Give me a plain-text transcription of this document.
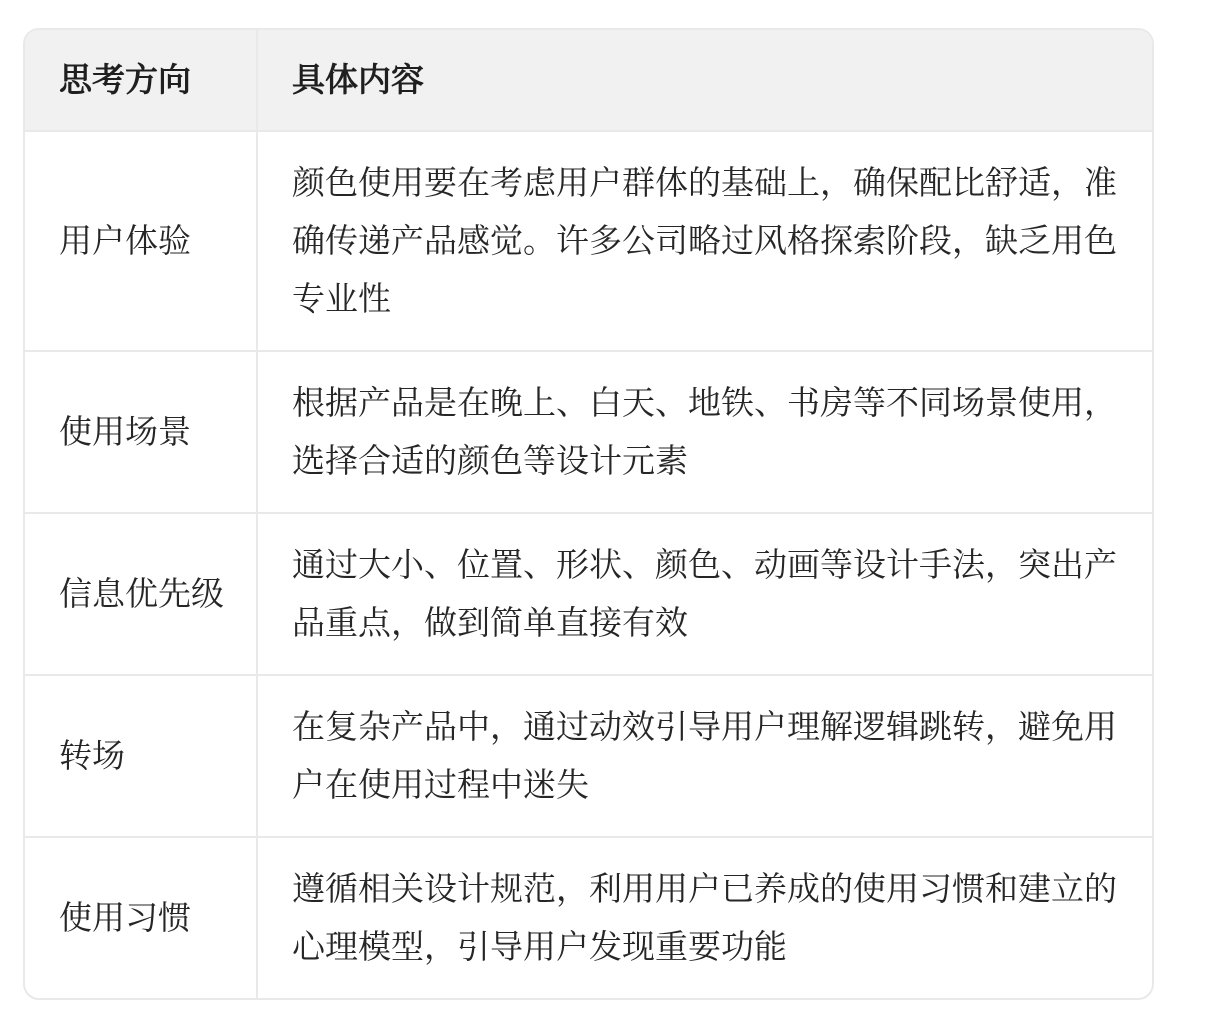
思考方向	具体内容
用户体验
颜色使用要在考虑用户群体的基础上，确保配比舒适，准确传递产品感觉。许多公司略过风格探索阶段，缺乏用色专业性
使用场景
根据产品是在晚上、白天、地铁、书房等不同场景使用，选择合适的颜色等设计元素
信息优先级
通过大小、位置、形状、颜色、动画等设计手法，突出产品重点，做到简单直接有效
转场
在复杂产品中，通过动效引导用户理解逻辑跳转，避免用户在使用过程中迷失
使用习惯
遵循相关设计规范，利用用户已养成的使用习惯和建立的心理模型，引导用户发现重要功能
